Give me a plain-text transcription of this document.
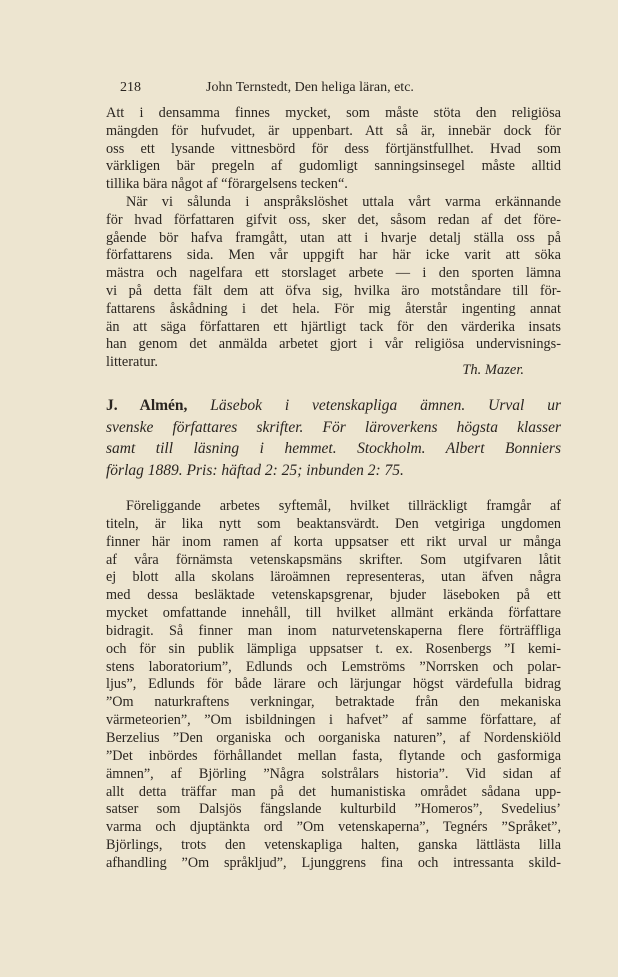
218	John Ternstedt, Den heliga läran, etc.

Att i densamma finnes mycket, som måste stöta den religiösa
mängden för hufvudet, är uppenbart. Att så är, innebär dock för
oss ett lysande vittnesbörd för dess förtjänstfullhet. Hvad som
värkligen bär pregeln af gudomligt sanningsinsegel måste alltid
tillika bära något af “förargelsens tecken“.

När vi sålunda i anspråkslöshet uttala vårt varma erkännande
för hvad författaren gifvit oss, sker det, såsom redan af det före-
gående bör hafva framgått, utan att i hvarje detalj ställa oss på
författarens sida. Men vår uppgift har här icke varit att söka
mästra och nagelfara ett storslaget arbete — i den sporten lämna
vi på detta fält dem att öfva sig, hvilka äro motståndare till för-
fattarens åskådning i det hela. För mig återstår ingenting annat
än att säga författaren ett hjärtligt tack för den värderika insats
han genom det anmälda arbetet gjort i vår religiösa undervisnings-
litteratur.	Th. Mazer.
J. Almén, Läsebok i vetenskapliga ämnen. Urval ur
svenske författares skrifter. För läroverkens högsta klasser
samt till läsning i hemmet. Stockholm. Albert Bonniers
förlag 1889. Pris: häftad 2: 25; inbunden 2: 75.
Föreliggande arbetes syftemål, hvilket tillräckligt framgår af
titeln, är lika nytt som beaktansvärdt. Den vetgiriga ungdomen
finner här inom ramen af korta uppsatser ett rikt urval ur många
af våra förnämsta vetenskapsmäns skrifter. Som utgifvaren låtit
ej blott alla skolans läroämnen representeras, utan äfven några
med dessa besläktade vetenskapsgrenar, bjuder läseboken på ett
mycket omfattande innehåll, till hvilket allmänt erkända författare
bidragit. Så finner man inom naturvetenskaperna flere förträffliga
och för sin publik lämpliga uppsatser t. ex. Rosenbergs ”I kemi-
stens laboratorium”, Edlunds och Lemströms ”Norrsken och polar-
ljus”, Edlunds för både lärare och lärjungar högst värdefulla bidrag
”Om naturkraftens verkningar, betraktade från den mekaniska
värmeteorien”, ”Om isbildningen i hafvet” af samme författare, af
Berzelius ”Den organiska och oorganiska naturen”, af Nordenskiöld
”Det inbördes förhållandet mellan fasta, flytande och gasformiga
ämnen”, af Björling ”Några solstrålars historia”. Vid sidan af
allt detta träffar man på det humanistiska området sådana upp-
satser som Dalsjös fängslande kulturbild ”Homeros”, Svedelius’
varma och djuptänkta ord ”Om vetenskaperna”, Tegnérs ”Språket”,
Björlings, trots den vetenskapliga halten, ganska lättlästa lilla
afhandling ”Om språkljud”, Ljunggrens fina och intressanta skild-
